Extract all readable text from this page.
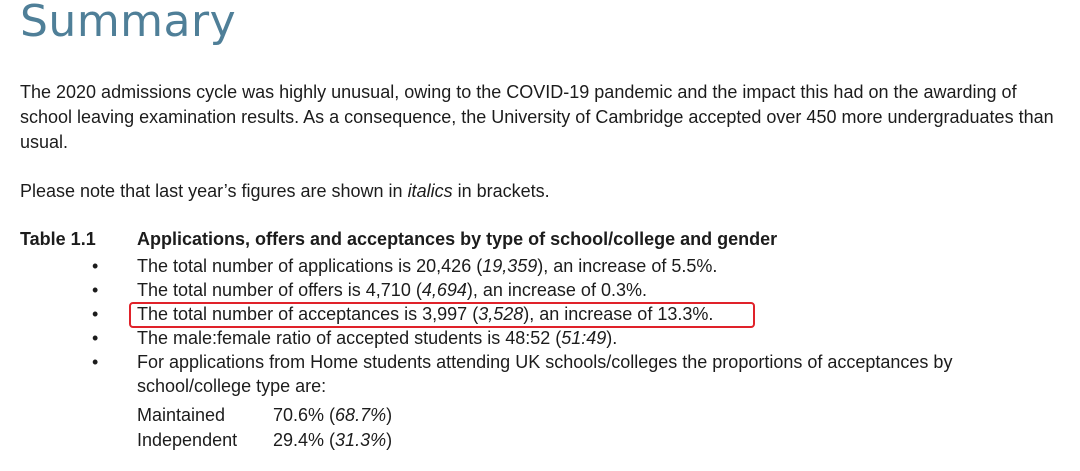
Summary

The 2020 admissions cycle was highly unusual, owing to the COVID-19 pandemic and the impact this had on the awarding of school leaving examination results. As a consequence, the University of Cambridge accepted over 450 more undergraduates than usual.

Please note that last year’s figures are shown in italics in brackets.

Table 1.1 Applications, offers and acceptances by type of school/college and gender
• The total number of applications is 20,426 (19,359), an increase of 5.5%.
• The total number of offers is 4,710 (4,694), an increase of 0.3%.
• The total number of acceptances is 3,997 (3,528), an increase of 13.3%.
• The male:female ratio of accepted students is 48:52 (51:49).
• For applications from Home students attending UK schools/colleges the proportions of acceptances by school/college type are:
Maintained	70.6% (68.7%)
Independent	29.4% (31.3%)
